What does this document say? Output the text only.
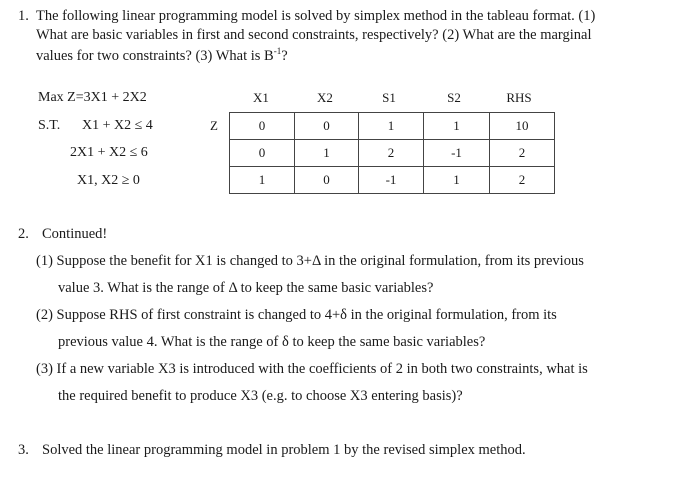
1. The following linear programming model is solved by simplex method in the tableau format. (1)
What are basic variables in first and second constraints, respectively? (2) What are the marginal
values for two constraints? (3) What is $B^{-1}$?
Max Z=3X1 + 2X2
S.T. X1 + X2 ≤ 4
2X1 + X2 ≤ 6
X1, X2 ≥ 0
Z
X1	X2	S1	S2	RHS
0	0	1	1	10
0	1	2	-1	2
1	0	-1	1	2
2. Continued!
(1) Suppose the benefit for X1 is changed to 3+Δ in the original formulation, from its previous
value 3. What is the range of Δ to keep the same basic variables?
(2) Suppose RHS of first constraint is changed to 4+δ in the original formulation, from its
previous value 4. What is the range of δ to keep the same basic variables?
(3) If a new variable X3 is introduced with the coefficients of 2 in both two constraints, what is
the required benefit to produce X3 (e.g. to choose X3 entering basis)?
3. Solved the linear programming model in problem 1 by the revised simplex method.
